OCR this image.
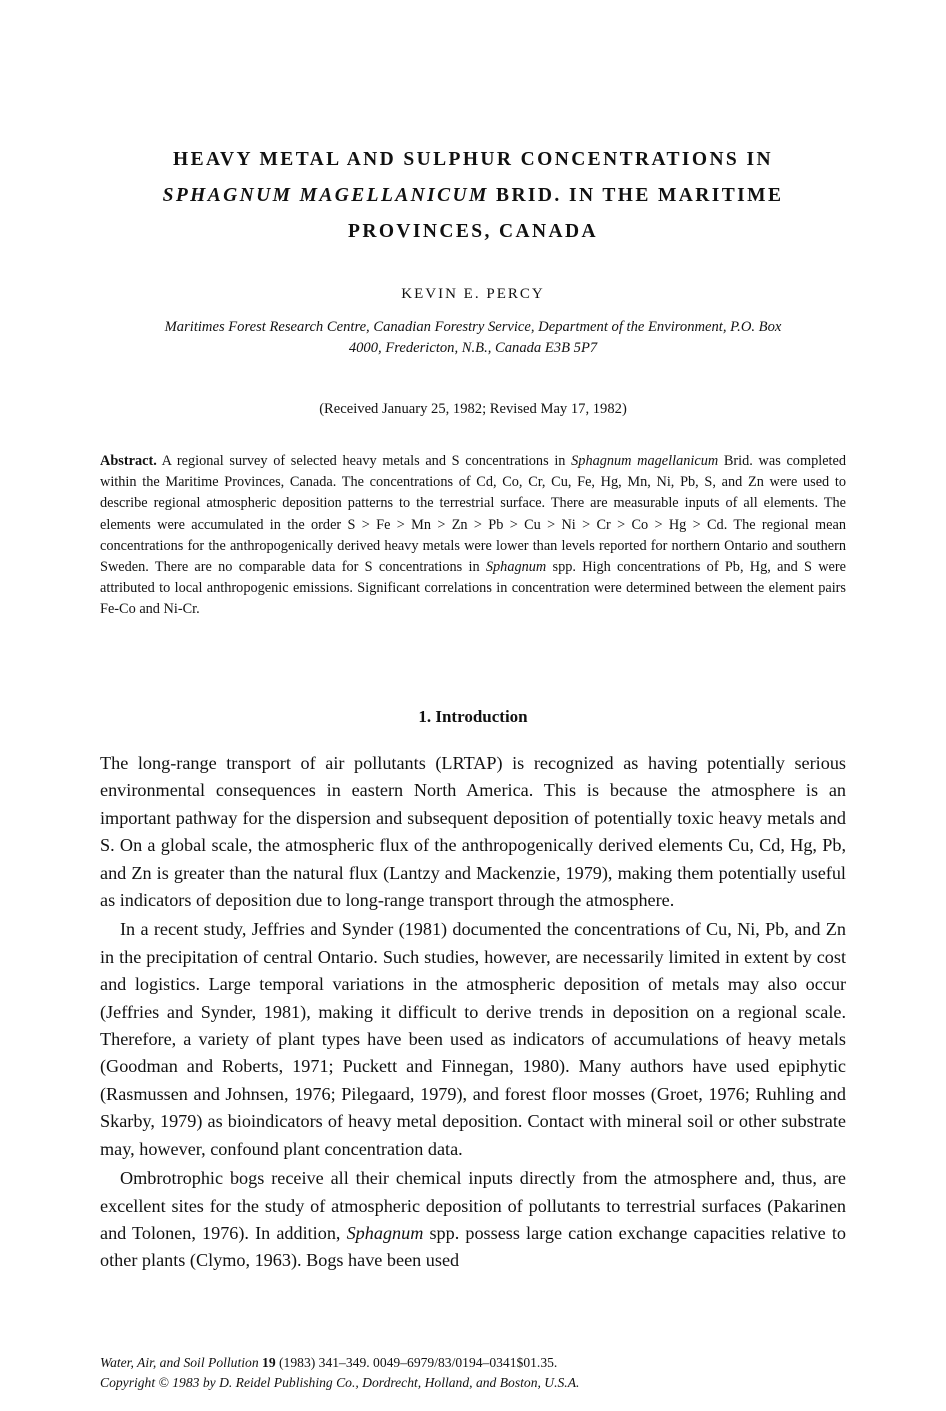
HEAVY METAL AND SULPHUR CONCENTRATIONS IN
SPHAGNUM MAGELLANICUM BRID. IN THE MARITIME
PROVINCES, CANADA

KEVIN E. PERCY

Maritimes Forest Research Centre, Canadian Forestry Service, Department of the Environment, P.O. Box
4000, Fredericton, N.B., Canada E3B 5P7

(Received January 25, 1982; Revised May 17, 1982)

Abstract. A regional survey of selected heavy metals and S concentrations in Sphagnum magellanicum Brid. was completed within the Maritime Provinces, Canada. The concentrations of Cd, Co, Cr, Cu, Fe, Hg, Mn, Ni, Pb, S, and Zn were used to describe regional atmospheric deposition patterns to the terrestrial surface. There are measurable inputs of all elements. The elements were accumulated in the order S > Fe > Mn > Zn > Pb > Cu > Ni > Cr > Co > Hg > Cd. The regional mean concentrations for the anthropogenically derived heavy metals were lower than levels reported for northern Ontario and southern Sweden. There are no comparable data for S concentrations in Sphagnum spp. High concentrations of Pb, Hg, and S were attributed to local anthropogenic emissions. Significant correlations in concentration were determined between the element pairs Fe-Co and Ni-Cr.

1. Introduction

The long-range transport of air pollutants (LRTAP) is recognized as having potentially serious environmental consequences in eastern North America. This is because the atmosphere is an important pathway for the dispersion and subsequent deposition of potentially toxic heavy metals and S. On a global scale, the atmospheric flux of the anthropogenically derived elements Cu, Cd, Hg, Pb, and Zn is greater than the natural flux (Lantzy and Mackenzie, 1979), making them potentially useful as indicators of deposition due to long-range transport through the atmosphere.

In a recent study, Jeffries and Synder (1981) documented the concentrations of Cu, Ni, Pb, and Zn in the precipitation of central Ontario. Such studies, however, are necessarily limited in extent by cost and logistics. Large temporal variations in the atmospheric deposition of metals may also occur (Jeffries and Synder, 1981), making it difficult to derive trends in deposition on a regional scale. Therefore, a variety of plant types have been used as indicators of accumulations of heavy metals (Goodman and Roberts, 1971; Puckett and Finnegan, 1980). Many authors have used epiphytic (Rasmussen and Johnsen, 1976; Pilegaard, 1979), and forest floor mosses (Groet, 1976; Ruhling and Skarby, 1979) as bioindicators of heavy metal deposition. Contact with mineral soil or other substrate may, however, confound plant concentration data.

Ombrotrophic bogs receive all their chemical inputs directly from the atmosphere and, thus, are excellent sites for the study of atmospheric deposition of pollutants to terrestrial surfaces (Pakarinen and Tolonen, 1976). In addition, Sphagnum spp. possess large cation exchange capacities relative to other plants (Clymo, 1963). Bogs have been used

Water, Air, and Soil Pollution 19 (1983) 341–349. 0049–6979/83/0194–0341$01.35.
Copyright © 1983 by D. Reidel Publishing Co., Dordrecht, Holland, and Boston, U.S.A.
